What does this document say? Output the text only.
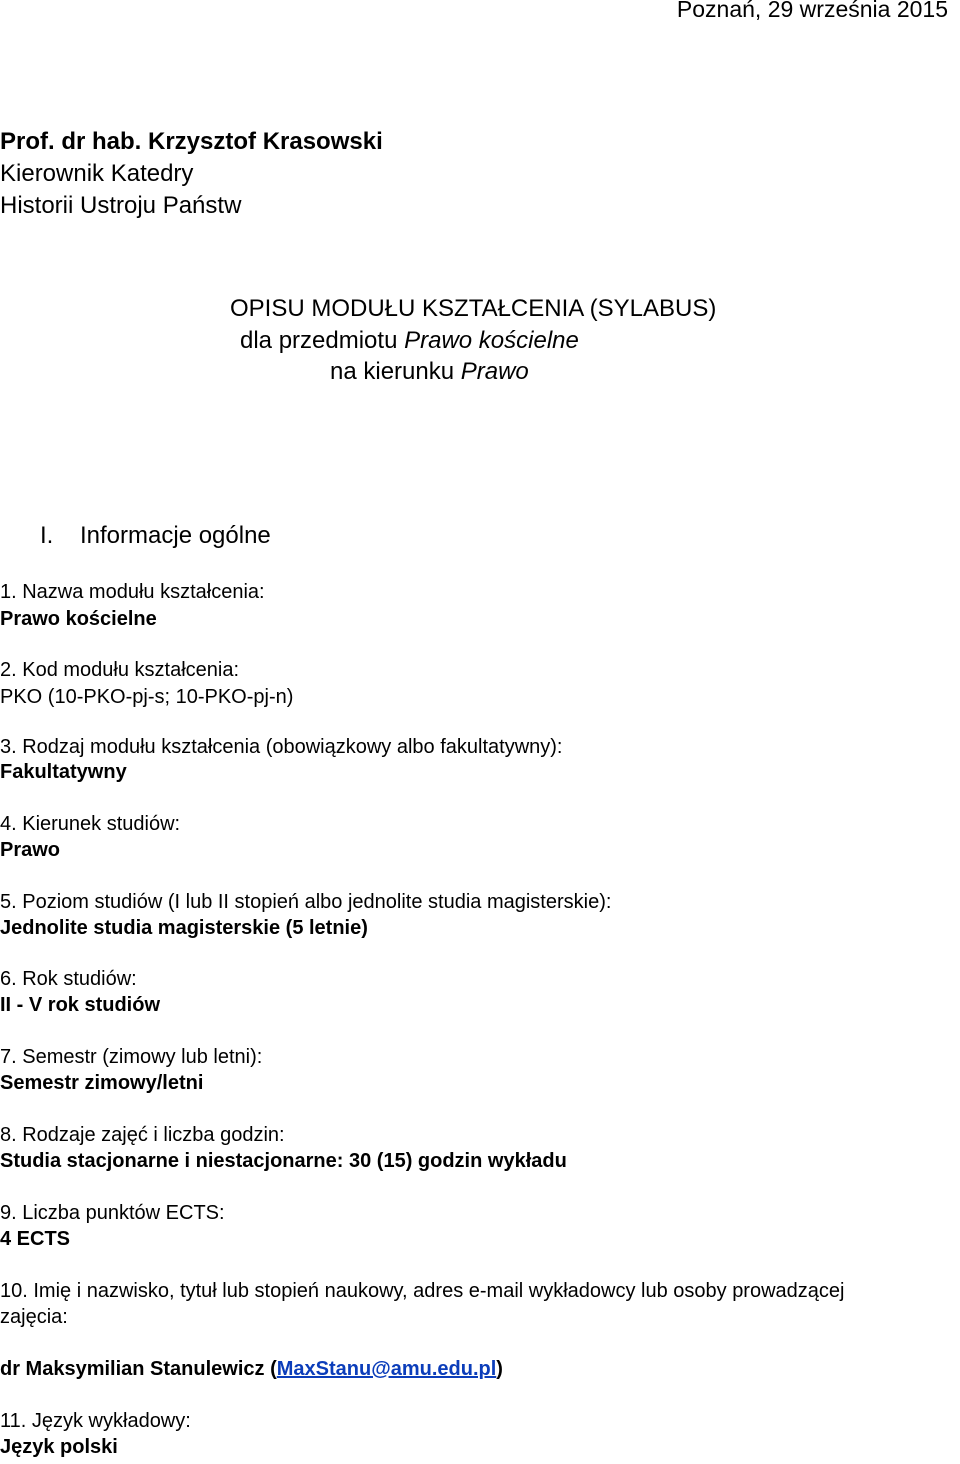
Poznań, 29 września 2015
Prof. dr hab. Krzysztof Krasowski
Kierownik Katedry
Historii Ustroju Państw
OPISU MODUŁU KSZTAŁCENIA (SYLABUS)
dla przedmiotu Prawo kościelne
na kierunku Prawo
I. Informacje ogólne
1. Nazwa modułu kształcenia:
Prawo kościelne
2. Kod modułu kształcenia:
PKO (10-PKO-pj-s; 10-PKO-pj-n)
3. Rodzaj modułu kształcenia (obowiązkowy albo fakultatywny):
Fakultatywny
4. Kierunek studiów:
Prawo
5. Poziom studiów (I lub II stopień albo jednolite studia magisterskie):
Jednolite studia magisterskie (5 letnie)
6. Rok studiów:
II - V rok studiów
7. Semestr (zimowy lub letni):
Semestr zimowy/letni
8. Rodzaje zajęć i liczba godzin:
Studia stacjonarne i niestacjonarne: 30 (15) godzin wykładu
9. Liczba punktów ECTS:
4 ECTS
10. Imię i nazwisko, tytuł lub stopień naukowy, adres e-mail wykładowcy lub osoby prowadzącej
zajęcia:
dr Maksymilian Stanulewicz (MaxStanu@amu.edu.pl)
11. Język wykładowy:
Język polski
